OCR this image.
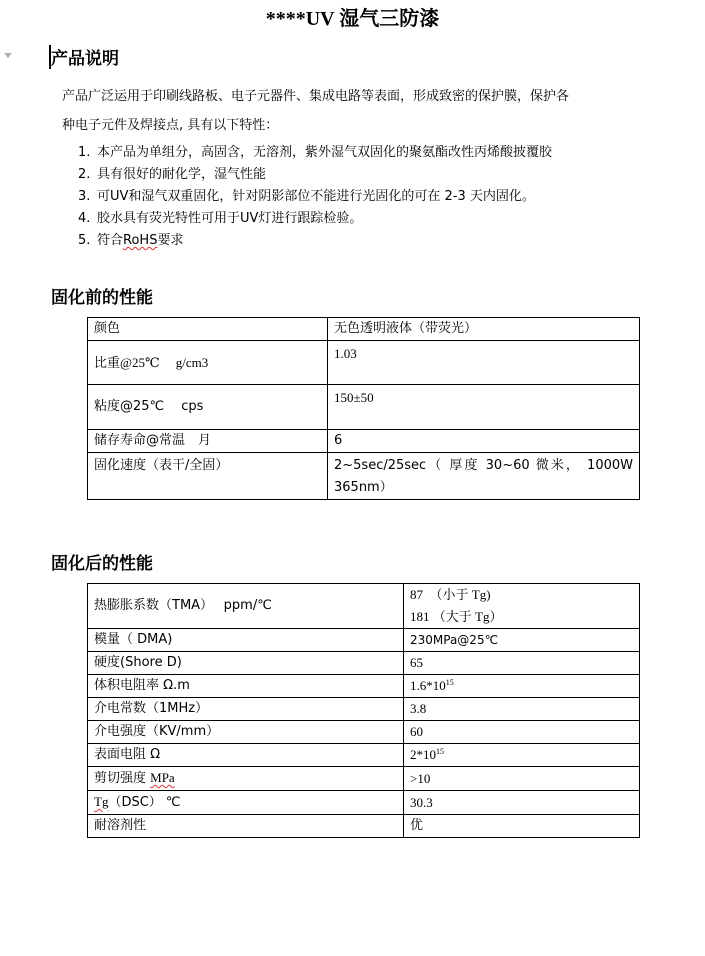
****UV 湿气三防漆
产品说明
产品广泛运用于印刷线路板、电子元器件、集成电路等表面，形成致密的保护膜，保护各
种电子元件及焊接点, 具有以下特性：
1. 本产品为单组分，高固含，无溶剂，紫外湿气双固化的聚氨酯改性丙烯酸披覆胶
2. 具有很好的耐化学，湿气性能
3. 可UV和湿气双重固化，针对阴影部位不能进行光固化的可在 2-3 天内固化。
4. 胶水具有荧光特性可用于UV灯进行跟踪检验。
5. 符合RoHS要求
固化前的性能
颜色	无色透明液体（带荧光）
比重@25℃　 g/cm3	1.03
粘度@25℃　 cps	150±50
储存寿命@常温　月	6
固化速度（表干/全固）	2~5sec/25sec（ 厚度 30~60 微米， 1000W 365nm）
固化后的性能
热膨胀系数（TMA）　 ppm/℃	87　（小于 Tg)
181 （大于 Tg）

模量（ DMA)	230MPa@25℃
硬度(Shore D)	65
体积电阻率 Ω.m	$1.6*10^{15}$
介电常数（1MHz）	3.8
介电强度（KV/mm）	60
表面电阻 Ω	$2*10^{15}$
剪切强度 MPa	>10
Tg（DSC） ℃	30.3
耐溶剂性	优
